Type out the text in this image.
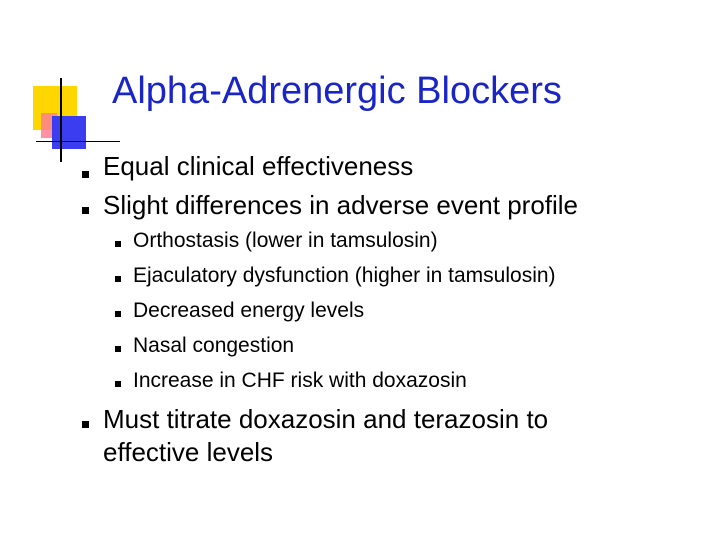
Alpha-Adrenergic Blockers
Equal clinical effectiveness
Slight differences in adverse event profile
Orthostasis (lower in tamsulosin)
Ejaculatory dysfunction (higher in tamsulosin)
Decreased energy levels
Nasal congestion
Increase in CHF risk with doxazosin
Must titrate doxazosin and terazosin to
effective levels
